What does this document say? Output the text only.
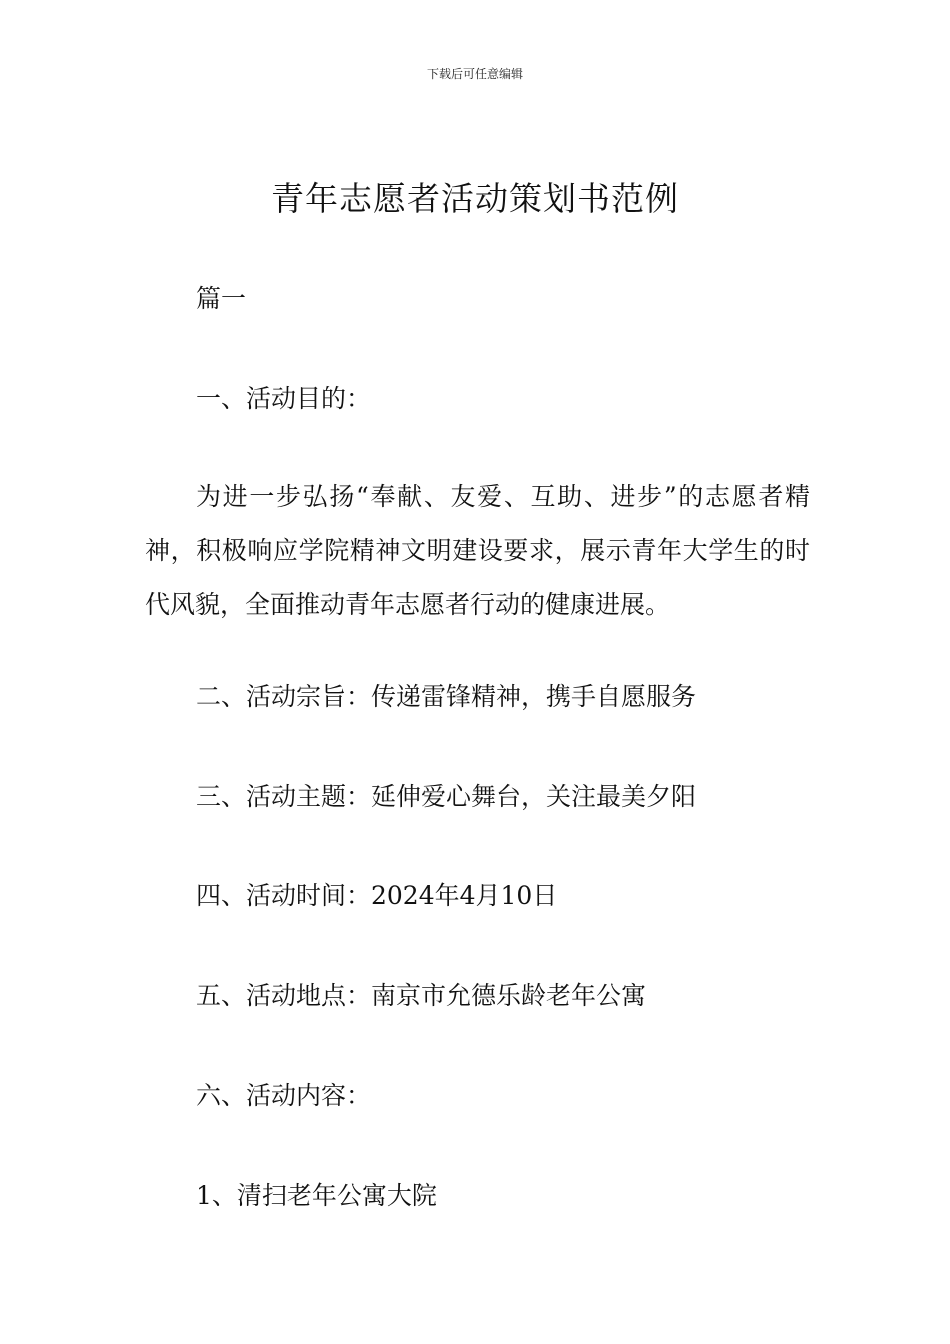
下载后可任意编辑
青年志愿者活动策划书范例

篇一

一、活动目的：

为进一步弘扬“奉献、友爱、互助、进步”的志愿者精神，积极响应学院精神文明建设要求，展示青年大学生的时代风貌，全面推动青年志愿者行动的健康进展。

二、活动宗旨：传递雷锋精神，携手自愿服务

三、活动主题：延伸爱心舞台，关注最美夕阳

四、活动时间：2024年4月10日

五、活动地点：南京市允德乐龄老年公寓

六、活动内容：

1、清扫老年公寓大院
